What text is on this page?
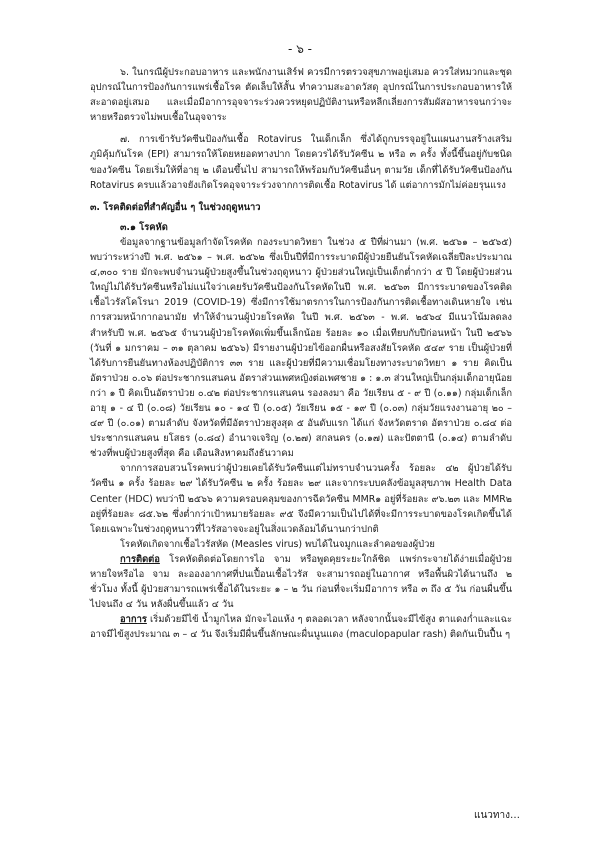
- ๖ -

๖. ในกรณีผู้ประกอบอาหาร และพนักงานเสิร์ฟ ควรมีการตรวจสุขภาพอยู่เสมอ ควรใส่หมวกและชุดอุปกรณ์ในการป้องกันการแพร่เชื้อโรค ตัดเล็บให้สั้น ทำความสะอาดวัสดุ อุปกรณ์ในการประกอบอาหารให้สะอาดอยู่เสมอ และเมื่อมีอาการอุจจาระร่วงควรหยุดปฏิบัติงานหรือหลีกเลี่ยงการสัมผัสอาหารจนกว่าจะหายหรือตรวจไม่พบเชื้อในอุจจาระ

๗. การเข้ารับวัคซีนป้องกันเชื้อ Rotavirus ในเด็กเล็ก ซึ่งได้ถูกบรรจุอยู่ในแผนงานสร้างเสริมภูมิคุ้มกันโรค (EPI) สามารถให้โดยหยอดทางปาก โดยควรได้รับวัคซีน ๒ หรือ ๓ ครั้ง ทั้งนี้ขึ้นอยู่กับชนิดของวัคซีน โดยเริ่มให้ที่อายุ ๒ เดือนขึ้นไป สามารถให้พร้อมกับวัคซีนอื่นๆ ตามวัย เด็กที่ได้รับวัคซีนป้องกัน Rotavirus ครบแล้วอาจยังเกิดโรคอุจจาระร่วงจากการติดเชื้อ Rotavirus ได้ แต่อาการมักไม่ค่อยรุนแรง

๓. โรคติดต่อที่สำคัญอื่น ๆ ในช่วงฤดูหนาว

๓.๑ โรคหัด

ข้อมูลจากฐานข้อมูลกำจัดโรคหัด กองระบาดวิทยา ในช่วง ๕ ปีที่ผ่านมา (พ.ศ. ๒๕๖๑ – ๒๕๖๕) พบว่าระหว่างปี พ.ศ. ๒๕๖๑ – พ.ศ. ๒๕๖๒ ซึ่งเป็นปีที่มีการระบาดมีผู้ป่วยยืนยันโรคหัดเฉลี่ยปีละประมาณ ๔,๓๐๐ ราย มักจะพบจำนวนผู้ป่วยสูงขึ้นในช่วงฤดูหนาว ผู้ป่วยส่วนใหญ่เป็นเด็กต่ำกว่า ๕ ปี โดยผู้ป่วยส่วนใหญ่ไม่ได้รับวัคซีนหรือไม่แน่ใจว่าเคยรับวัคซีนป้องกันโรคหัดในปี พ.ศ. ๒๕๖๓ มีการระบาดของโรคติดเชื้อไวรัสโคโรนา 2019 (COVID-19) ซึ่งมีการใช้มาตรการในการป้องกันการติดเชื้อทางเดินหายใจ เช่น การสวมหน้ากากอนามัย ทำให้จำนวนผู้ป่วยโรคหัด ในปี พ.ศ. ๒๕๖๓ - พ.ศ. ๒๕๖๔ มีแนวโน้มลดลง สำหรับปี พ.ศ. ๒๕๖๕ จำนวนผู้ป่วยโรคหัดเพิ่มขึ้นเล็กน้อย ร้อยละ ๑๐ เมื่อเทียบกับปีก่อนหน้า ในปี ๒๕๖๖ (วันที่ ๑ มกราคม – ๓๑ ตุลาคม ๒๕๖๖) มีรายงานผู้ป่วยไข้ออกผื่นหรือสงสัยโรคหัด ๕๔๙ ราย เป็นผู้ป่วยที่ได้รับการยืนยันทางห้องปฏิบัติการ ๓๓ ราย และผู้ป่วยที่มีความเชื่อมโยงทางระบาดวิทยา ๑ ราย คิดเป็นอัตราป่วย ๐.๐๖ ต่อประชากรแสนคน อัตราส่วนเพศหญิงต่อเพศชาย ๑ : ๑.๓ ส่วนใหญ่เป็นกลุ่มเด็กอายุน้อยกว่า ๑ ปี คิดเป็นอัตราป่วย ๐.๔๒ ต่อประชากรแสนคน รองลงมา คือ วัยเรียน ๕ - ๙ ปี (๐.๑๑) กลุ่มเด็กเล็กอายุ ๑ - ๔ ปี (๐.๐๘) วัยเรียน ๑๐ - ๑๔ ปี (๐.๐๕) วัยเรียน ๑๕ - ๑๙ ปี (๐.๐๓) กลุ่มวัยแรงงานอายุ ๒๐ – ๔๙ ปี (๐.๐๑) ตามลำดับ จังหวัดที่มีอัตราป่วยสูงสุด ๕ อันดับแรก ได้แก่ จังหวัดตราด อัตราป่วย ๐.๘๔ ต่อประชากรแสนคน ยโสธร (๐.๘๔) อำนาจเจริญ (๐.๒๗) สกลนคร (๐.๑๗) และปัตตานี (๐.๑๔) ตามลำดับ ช่วงที่พบผู้ป่วยสูงที่สุด คือ เดือนสิงหาคมถึงธันวาคม

จากการสอบสวนโรคพบว่าผู้ป่วยเคยได้รับวัคซีนแต่ไม่ทราบจำนวนครั้ง ร้อยละ ๔๒ ผู้ป่วยได้รับวัคซีน ๑ ครั้ง ร้อยละ ๒๙ ได้รับวัคซีน ๒ ครั้ง ร้อยละ ๒๙ และจากระบบคลังข้อมูลสุขภาพ Health Data Center (HDC) พบว่าปี ๒๕๖๖ ความครอบคลุมของการฉีดวัคซีน MMR๑ อยู่ที่ร้อยละ ๙๖.๒๓ และ MMR๒ อยู่ที่ร้อยละ ๘๕.๖๒ ซึ่งต่ำกว่าเป้าหมายร้อยละ ๙๕ จึงมีความเป็นไปได้ที่จะมีการระบาดของโรคเกิดขึ้นได้ โดยเฉพาะในช่วงฤดูหนาวที่ไวรัสอาจจะอยู่ในสิ่งแวดล้อมได้นานกว่าปกติ

โรคหัดเกิดจากเชื้อไวรัสหัด (Measles virus) พบได้ในจมูกและลำคอของผู้ป่วย

การติดต่อ โรคหัดติดต่อโดยการไอ จาม หรือพูดคุยระยะใกล้ชิด แพร่กระจายได้ง่ายเมื่อผู้ป่วยหายใจหรือไอ จาม ละอองอากาศที่ปนเปื้อนเชื้อไวรัส จะสามารถอยู่ในอากาศ หรือพื้นผิวได้นานถึง ๒ ชั่วโมง ทั้งนี้ ผู้ป่วยสามารถแพร่เชื้อได้ในระยะ ๑ – ๒ วัน ก่อนที่จะเริ่มมีอาการ หรือ ๓ ถึง ๕ วัน ก่อนผื่นขึ้น ไปจนถึง ๔ วัน หลังผื่นขึ้นแล้ว ๔ วัน

อาการ เริ่มด้วยมีไข้ น้ำมูกไหล มักจะไอแห้ง ๆ ตลอดเวลา หลังจากนั้นจะมีไข้สูง ตาแดงก่ำและแฉะ อาจมีไข้สูงประมาณ ๓ – ๔ วัน จึงเริ่มมีผื่นขึ้นลักษณะผื่นนูนแดง (maculopapular rash) ติดกันเป็นปื้น ๆ

แนวทาง…
